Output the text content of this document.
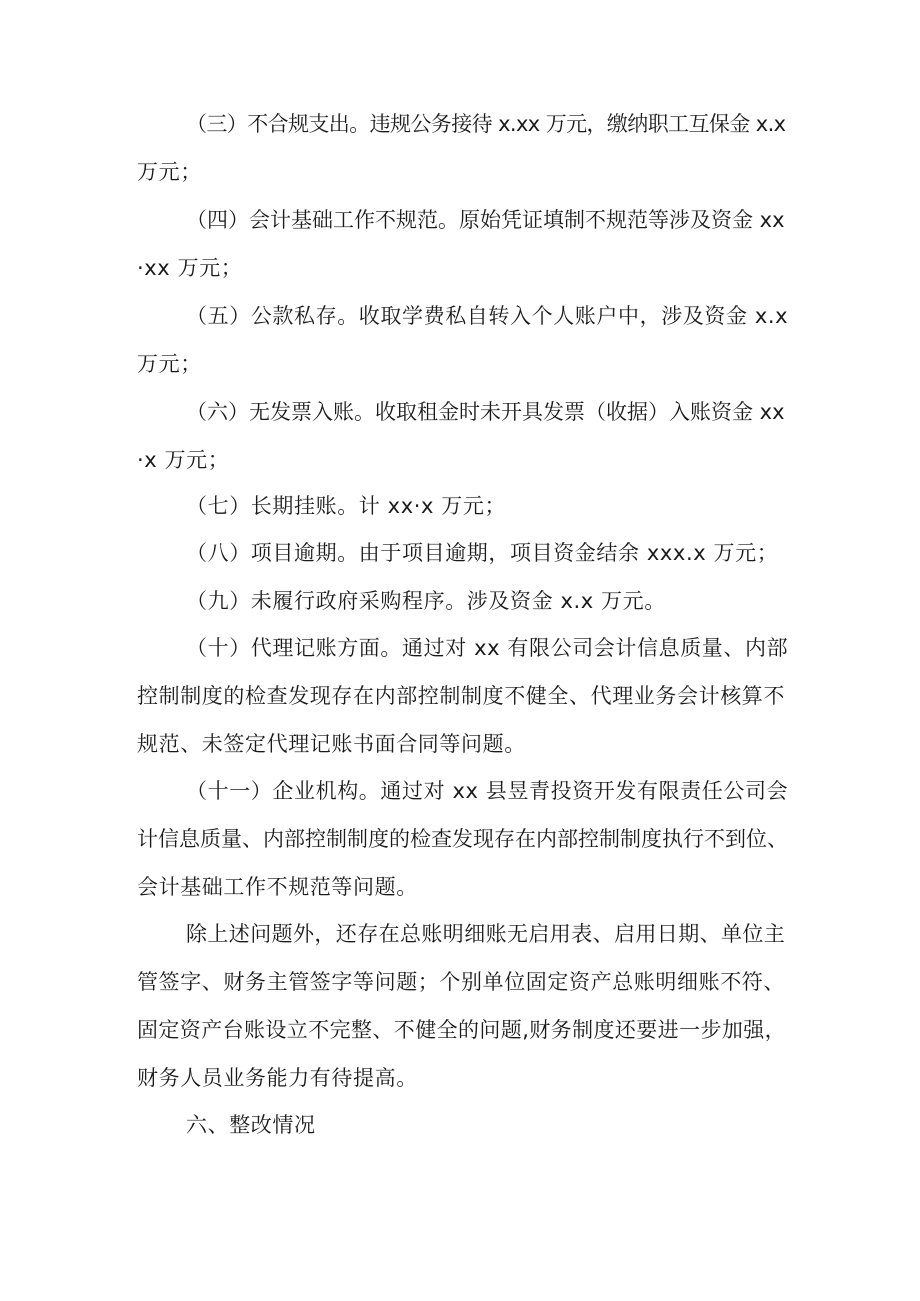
（三）不合规支出。违规公务接待 x.xx 万元，缴纳职工互保金 x.x
万元；
（四）会计基础工作不规范。原始凭证填制不规范等涉及资金 xx
·xx 万元；
（五）公款私存。收取学费私自转入个人账户中，涉及资金 x.x
万元；
（六）无发票入账。收取租金时未开具发票（收据）入账资金 xx
·x 万元；
（七）长期挂账。计 xx·x 万元；
（八）项目逾期。由于项目逾期，项目资金结余 xxx.x 万元；
（九）未履行政府采购程序。涉及资金 x.x 万元。
（十）代理记账方面。通过对 xx 有限公司会计信息质量、内部
控制制度的检查发现存在内部控制制度不健全、代理业务会计核算不
规范、未签定代理记账书面合同等问题。
（十一）企业机构。通过对 xx 县昱青投资开发有限责任公司会
计信息质量、内部控制制度的检查发现存在内部控制制度执行不到位、
会计基础工作不规范等问题。
除上述问题外，还存在总账明细账无启用表、启用日期、单位主
管签字、财务主管签字等问题；个别单位固定资产总账明细账不符、
固定资产台账设立不完整、不健全的问题,财务制度还要进一步加强，
财务人员业务能力有待提高。
六、整改情况
